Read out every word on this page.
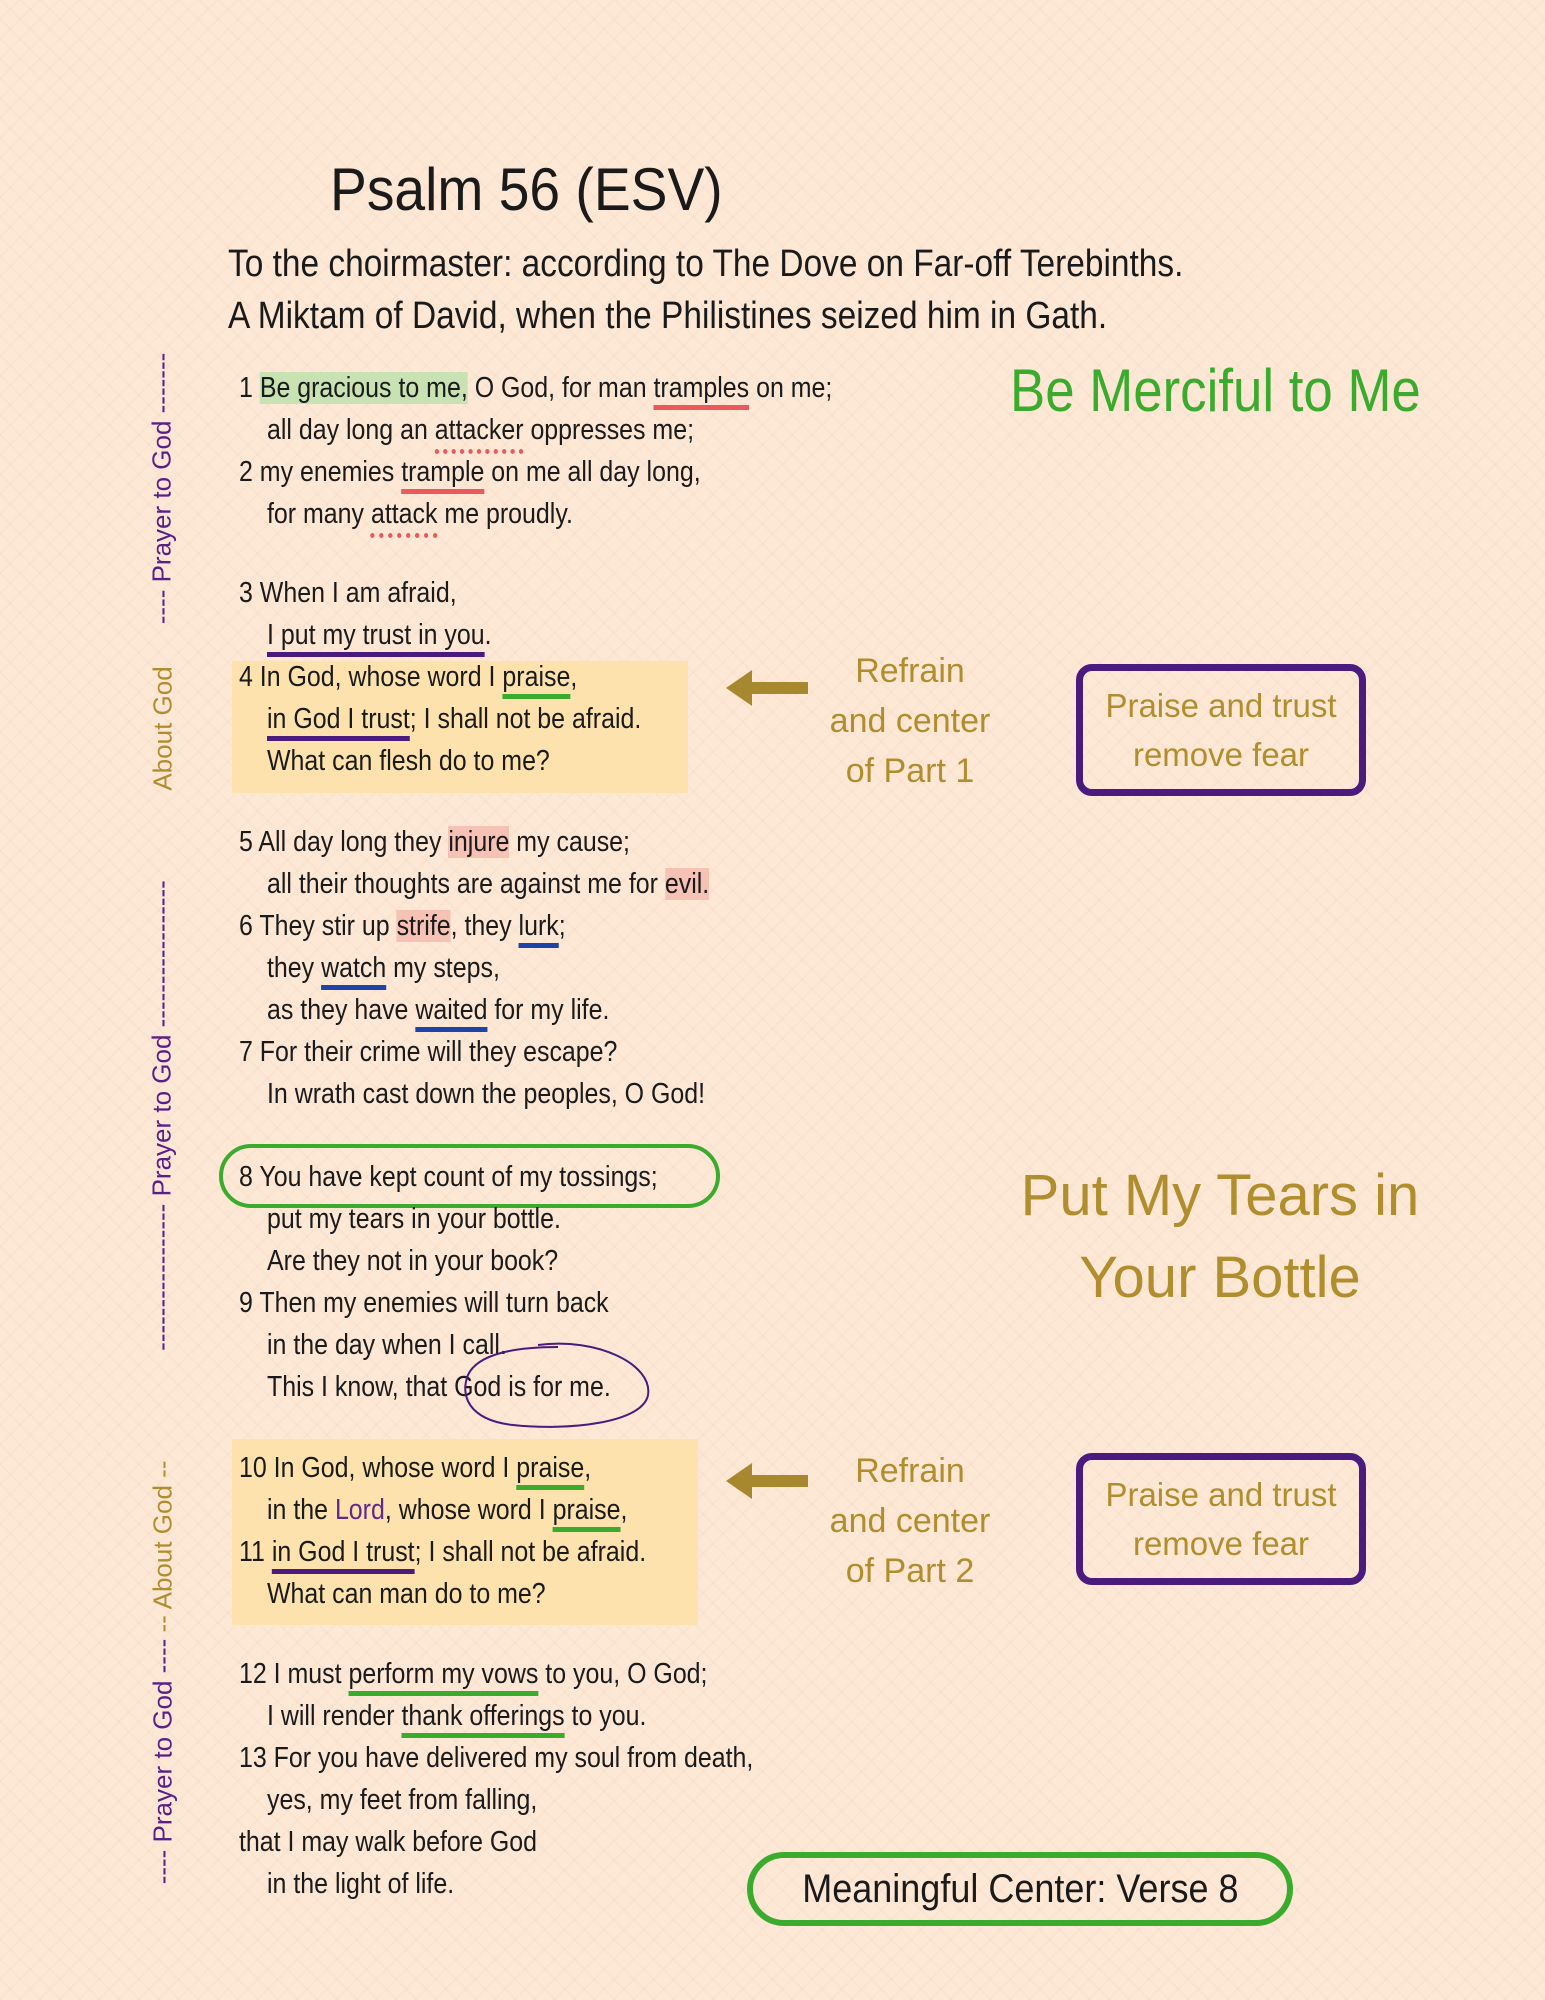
Psalm 56 (ESV)
To the choirmaster: according to The Dove on Far-off Terebinths.
A Miktam of David, when the Philistines seized him in Gath.
---- Prayer to God -------
About God
----------------- Prayer to God -----------------
-- About God --
---- Prayer to God ----
1 Be gracious to me, O God, for man tramples on me;
all day long an attacker oppresses me;
2 my enemies trample on me all day long,
for many attack me proudly.
3 When I am afraid,
I put my trust in you.
4 In God, whose word I praise,
in God I trust; I shall not be afraid.
What can flesh do to me?
5 All day long they injure my cause;
all their thoughts are against me for evil.
6 They stir up strife, they lurk;
they watch my steps,
as they have waited for my life.
7 For their crime will they escape?
In wrath cast down the peoples, O God!
8 You have kept count of my tossings;
put my tears in your bottle.
Are they not in your book?
9 Then my enemies will turn back
in the day when I call.
This I know, that God is for me.
10 In God, whose word I praise,
in the Lord, whose word I praise,
11 in God I trust; I shall not be afraid.
What can man do to me?
12 I must perform my vows to you, O God;
I will render thank offerings to you.
13 For you have delivered my soul from death,
yes, my feet from falling,
that I may walk before God
in the light of life.
Be Merciful to Me
Put My Tears in
Your Bottle
Refrain
and center
of Part 1
Praise and trust
remove fear
Refrain
and center
of Part 2
Praise and trust
remove fear
Meaningful Center: Verse 8
